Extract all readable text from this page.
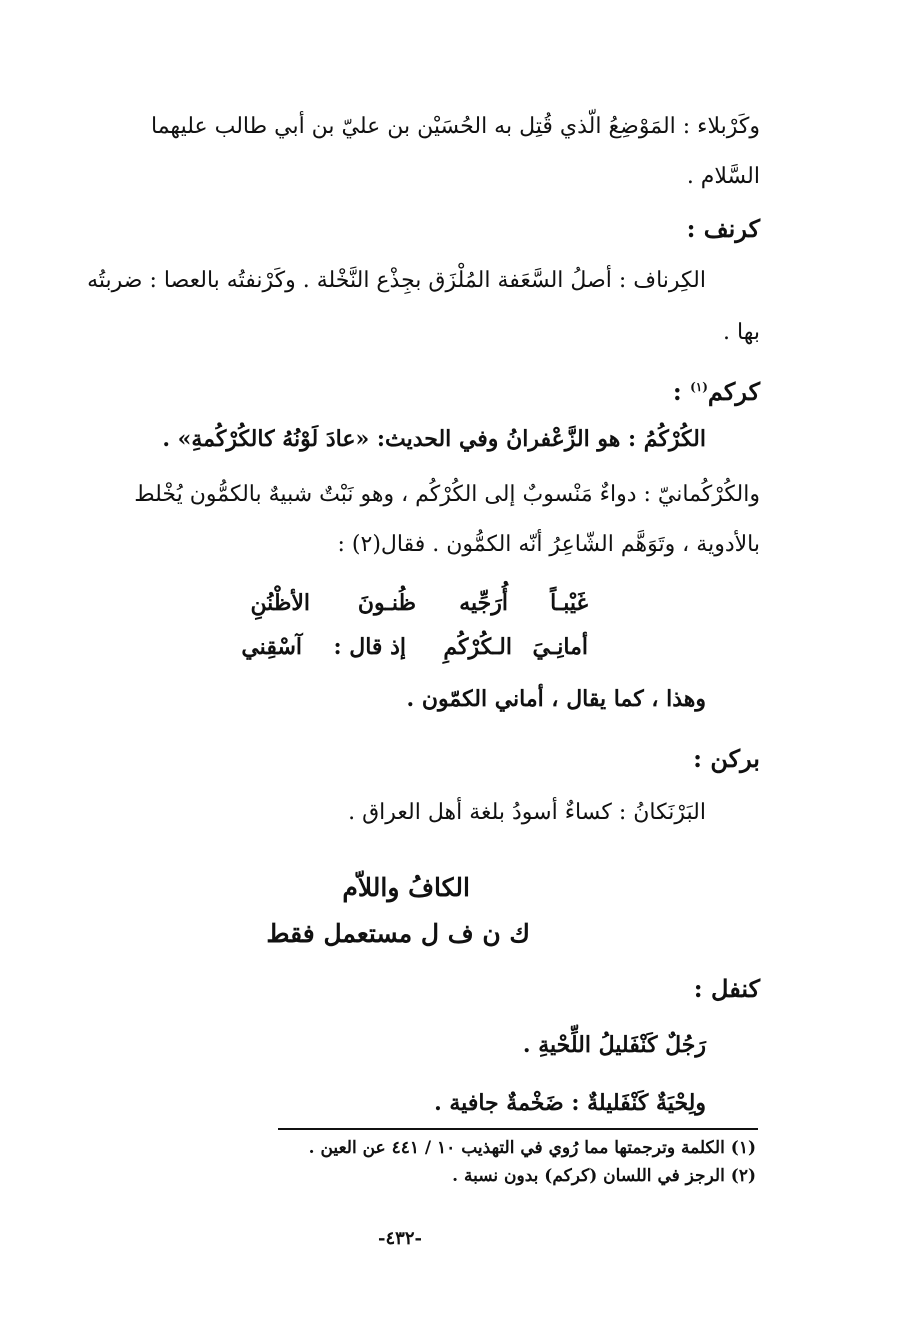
وكَرْبلاء : المَوْضِعُ الّذي قُتِل به الحُسَيْن بن عليّ بن أبي طالب عليهما
السَّلام .
كرنف :
الكِرناف : أصلُ السَّعَفة المُلْزَق بجِذْع النَّخْلة . وكَرْنفتُه بالعصا : ضربتُه
بها .
كركم$^{(١)}$ :
الكُرْكُمُ : هو الزَّعْفرانُ وفي الحديث: «عادَ لَوْنُهُ كالكُرْكُمةِ» .
والكُرْكُمانيّ : دواءٌ مَنْسوبٌ إلى الكُرْكُم ، وهو نَبْتٌ شبيهٌ بالكمُّون يُخْلط
بالأدوية ، وتَوَهَّم الشّاعِرُ أنّه الكمُّون . فقال(٢) :
غَيْبـاً
أُرَجِّيه
ظُنـونَ
الأظْنُنِ
أمانِـيَ
الـكُرْكُمِ
إذ قال :
آسْقِني
وهذا ، كما يقال ، أماني الكمّون .
بركن :
البَرْنَكانُ : كساءٌ أسودُ بلغة أهل العراق .
الكافُ واللاّم
ك ن ف ل مستعمل فقط
كنفل :
رَجُلٌ كَنْفَليلُ اللِّحْيةِ .
ولِحْيَةٌ كَنْفَليلةٌ : ضَخْمةٌ جافية .
(١) الكلمة وترجمتها مما رُوي في التهذيب ١٠ / ٤٤١ عن العين .
(٢) الرجز في اللسان (كركم) بدون نسبة .
-٤٣٢-
